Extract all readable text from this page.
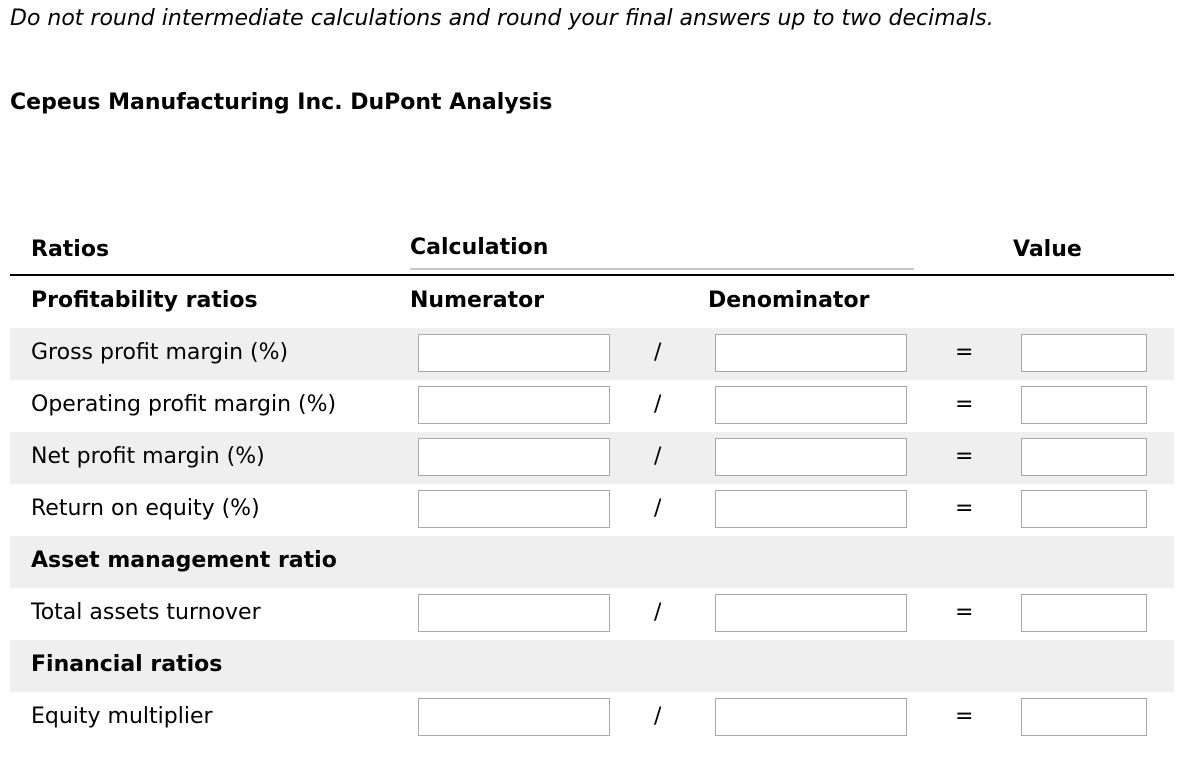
Do not round intermediate calculations and round your final answers up to two decimals.
Cepeus Manufacturing Inc. DuPont Analysis
Ratios	Calculation	Value
Profitability ratios	Numerator	Denominator
Gross profit margin (%)	/	=
Operating profit margin (%)	/	=
Net profit margin (%)	/	=
Return on equity (%)	/	=
Asset management ratio
Total assets turnover	/	=
Financial ratios
Equity multiplier	/	=
